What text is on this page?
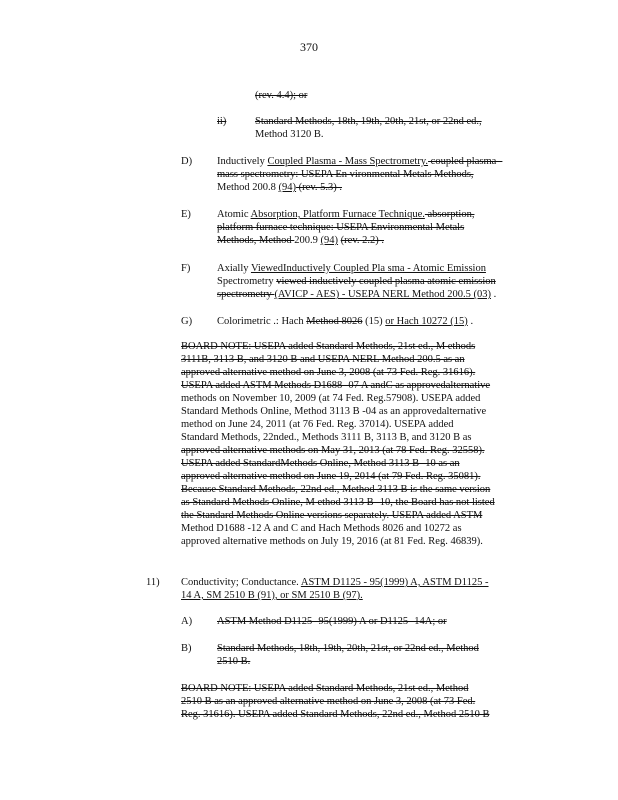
370

(rev. 4.4); or

ii)	Standard Methods, 18th, 19th, 20th, 21st, or 22nd ed.,

Method 3120 B.

D) Inductively Coupled Plasma - Mass Spectrometry. coupled plasma -

mass spectrometry: USEPA En vironmental Metals Methods,

Method 200.8 (94) (rev. 5.3) .

E) Atomic Absorption, Platform Furnace Technique. absorption,

platform furnace technique: USEPA Environmental Metals

Methods, Method 200.9 (94) (rev. 2.2) .

F)	Axially ViewedInductively Coupled Pla sma - Atomic Emission

Spectrometry viewed inductively coupled plasma atomic emission

spectrometry (AVICP - AES) - USEPA NERL Method 200.5 (03) .

G) Colorimetric .: Hach Method 8026 (15) or Hach 10272 (15) .

BOARD NOTE: USEPA added Standard Methods, 21st ed., M ethods

3111B, 3113 B, and 3120 B and USEPA NERL Method 200.5 as an

approved alternative method on June 3, 2008 (at 73 Fed. Reg. 31616).

USEPA added ASTM Methods D1688 -07 A andC as approvedalternative

methods on November 10, 2009 (at 74 Fed. Reg.57908). USEPA added

Standard Methods Online, Method 3113 B -04 as an approvedalternative

method on June 24, 2011 (at 76 Fed. Reg. 37014). USEPA added

Standard Methods, 22nded., Methods 3111 B, 3113 B, and 3120 B as

approved alternative methods on May 31, 2013 (at 78 Fed. Reg. 32558).

USEPA added StandardMethods Online, Method 3113 B -10 as an

approved alternative method on June 19, 2014 (at 79 Fed. Reg. 35081).

Because Standard Methods, 22nd ed., Method 3113 B is the same version

as Standard Methods Online, M ethod 3113 B -10, the Board has not listed

the Standard Methods Online versions separately. USEPA added ASTM

Method D1688 -12 A and C and Hach Methods 8026 and 10272 as

approved alternative methods on July 19, 2016 (at 81 Fed. Reg. 46839).

11) Conductivity; Conductance. ASTM D1125 - 95(1999) A, ASTM D1125 -

14 A, SM 2510 B (91), or SM 2510 B (97).

A) ASTM Method D1125 -95(1999) A or D1125 -14A; or

B) Standard Methods, 18th, 19th, 20th, 21st, or 22nd ed., Method

2510 B.

BOARD NOTE: USEPA added Standard Methods, 21st ed., Method

2510 B as an approved alternative method on June 3, 2008 (at 73 Fed.

Reg. 31616). USEPA added Standard Methods, 22nd ed., Method 2510 B
